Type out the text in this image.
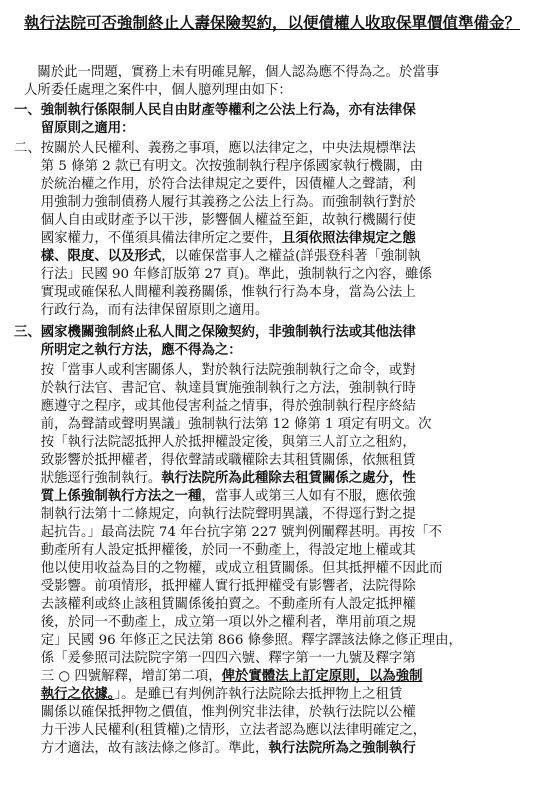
執行法院可否強制終止人壽保險契約，以便債權人收取保單價值準備金？
　關於此一問題，實務上未有明確見解，個人認為應不得為之。於當事
人所委任處理之案件中，個人臆列理由如下：
一、強制執行係限制人民自由財產等權利之公法上行為，亦有法律保
　　留原則之適用：
二、按關於人民權利、義務之事項，應以法律定之，中央法規標準法
　　第 5 條第 2 款已有明文。次按強制執行程序係國家執行機關，由
　　於統治權之作用，於符合法律規定之要件，因債權人之聲請，利
　　用強制力強制債務人履行其義務之公法上行為。而強制執行對於
　　個人自由或財產予以干涉，影響個人權益至鉅，故執行機關行使
　　國家權力，不僅須具備法律所定之要件，且須依照法律規定之態
　　樣、限度、以及形式，以確保當事人之權益(詳張登科著「強制執
　　行法」民國 90 年修訂版第 27 頁)。準此，強制執行之內容，雖係
　　實現或確保私人間權利義務關係，惟執行行為本身，當為公法上
　　行政行為，而有法律保留原則之適用。
三、國家機關強制終止私人間之保險契約，非強制執行法或其他法律
　　所明定之執行方法，應不得為之：
　　按「當事人或利害關係人，對於執行法院強制執行之命令，或對
　　於執行法官、書記官、執達員實施強制執行之方法，強制執行時
　　應遵守之程序，或其他侵害利益之情事，得於強制執行程序終結
　　前，為聲請或聲明異議」強制執行法第 12 條第 1 項定有明文。次
　　按「執行法院認抵押人於抵押權設定後，與第三人訂立之租約，
　　致影響於抵押權者，得依聲請或職權除去其租賃關係，依無租賃
　　狀態逕行強制執行。執行法院所為此種除去租賃關係之處分，性
　　質上係強制執行方法之一種，當事人或第三人如有不服，應依強
　　制執行法第十二條規定，向執行法院聲明異議，不得逕行對之提
　　起抗告。」最高法院 74 年台抗字第 227 號判例闡釋甚明。再按「不
　　動產所有人設定抵押權後，於同一不動產上，得設定地上權或其
　　他以使用收益為目的之物權，或成立租賃關係。但其抵押權不因此而
　　受影響。前項情形，抵押權人實行抵押權受有影響者，法院得除
　　去該權利或終止該租賃關係後拍賣之。不動產所有人設定抵押權
　　後，於同一不動產上，成立第一項以外之權利者，準用前項之規
　　定」民國 96 年修正之民法第 866 條參照。釋字譯該法條之修正理由，
　　係「爰參照司法院院字第一四四六號、釋字第一一九號及釋字第
　　三 ○ 四號解釋，增訂第二項，俾於實體法上訂定原則，以為強制
　　執行之依據。」。是雖已有判例許執行法院除去抵押物上之租賃
　　關係以確保抵押物之價值，惟判例究非法律，於執行法院以公權
　　力干涉人民權利(租賃權)之情形，立法者認為應以法律明確定之，
　　方才適法，故有該法條之修訂。準此，執行法院所為之強制執行
